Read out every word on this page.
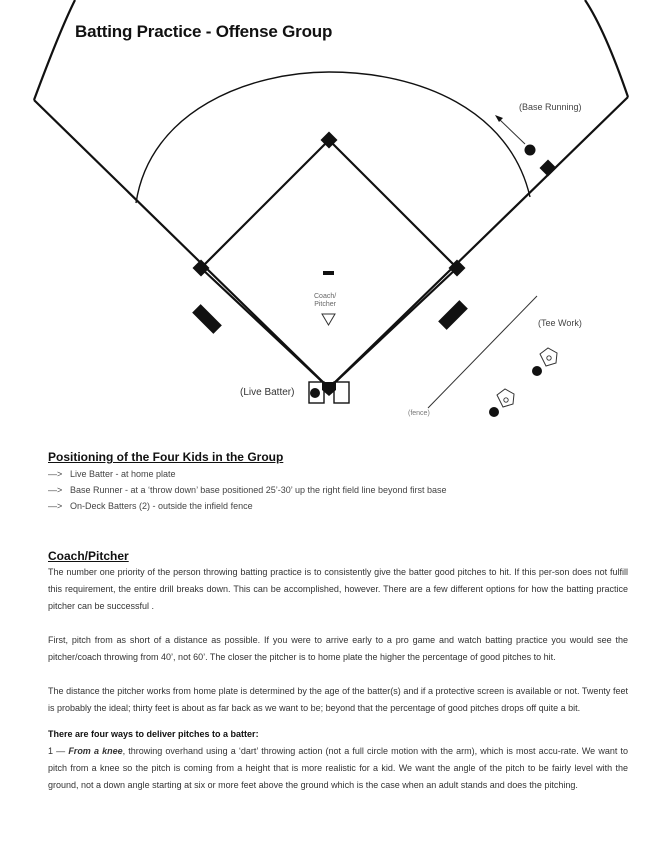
Batting Practice - Offense Group
(Base Running)
Coach/
Pitcher
(Tee Work)
(Live Batter)
(fence)
Positioning of the Four Kids in the Group
—> Live Batter - at home plate
—> Base Runner - at a ‘throw down’ base positioned 25’-30’ up the right field line beyond first base
—> On-Deck Batters (2) - outside the infield fence
Coach/Pitcher

The number one priority of the person throwing batting practice is to consistently give the batter good pitches to hit. If this per-son does not fulfill this requirement, the entire drill breaks down. This can be accomplished, however. There are a few different options for how the batting practice pitcher can be successful .

First, pitch from as short of a distance as possible. If you were to arrive early to a pro game and watch batting practice you would see the pitcher/coach throwing from 40’, not 60’. The closer the pitcher is to home plate the higher the percentage of good pitches to hit.

The distance the pitcher works from home plate is determined by the age of the batter(s) and if a protective screen is available or not. Twenty feet is probably the ideal; thirty feet is about as far back as we want to be; beyond that the percentage of good pitches drops off quite a bit.

There are four ways to deliver pitches to a batter:

1 — From a knee, throwing overhand using a ‘dart’ throwing action (not a full circle motion with the arm), which is most accu-rate. We want to pitch from a knee so the pitch is coming from a height that is more realistic for a kid. We want the angle of the pitch to be fairly level with the ground, not a down angle starting at six or more feet above the ground which is the case when an adult stands and does the pitching.
